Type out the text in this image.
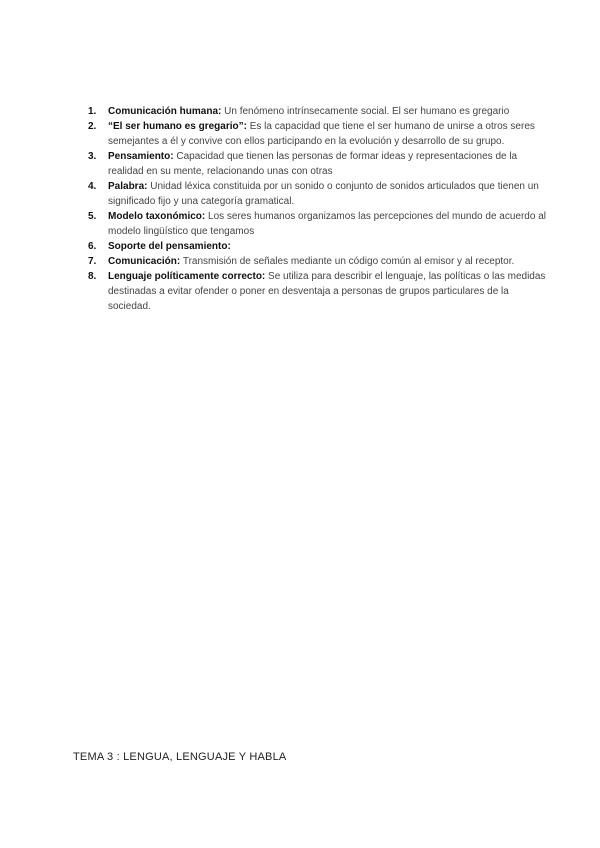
1. Comunicación humana: Un fenómeno intrínsecamente social. El ser humano es gregario
2. “El ser humano es gregario”: Es la capacidad que tiene el ser humano de unirse a otros seres semejantes a él y convive con ellos participando en la evolución y desarrollo de su grupo.
3. Pensamiento: Capacidad que tienen las personas de formar ideas y representaciones de la realidad en su mente, relacionando unas con otras
4. Palabra: Unidad léxica constituida por un sonido o conjunto de sonidos articulados que tienen un significado fijo y una categoría gramatical.
5. Modelo taxonómico: Los seres humanos organizamos las percepciones del mundo de acuerdo al modelo lingüístico que tengamos
6. Soporte del pensamiento:
7. Comunicación: Transmisión de señales mediante un código común al emisor y al receptor.
8. Lenguaje políticamente correcto: Se utiliza para describir el lenguaje, las políticas o las medidas destinadas a evitar ofender o poner en desventaja a personas de grupos particulares de la sociedad.
TEMA 3 : LENGUA, LENGUAJE Y HABLA
